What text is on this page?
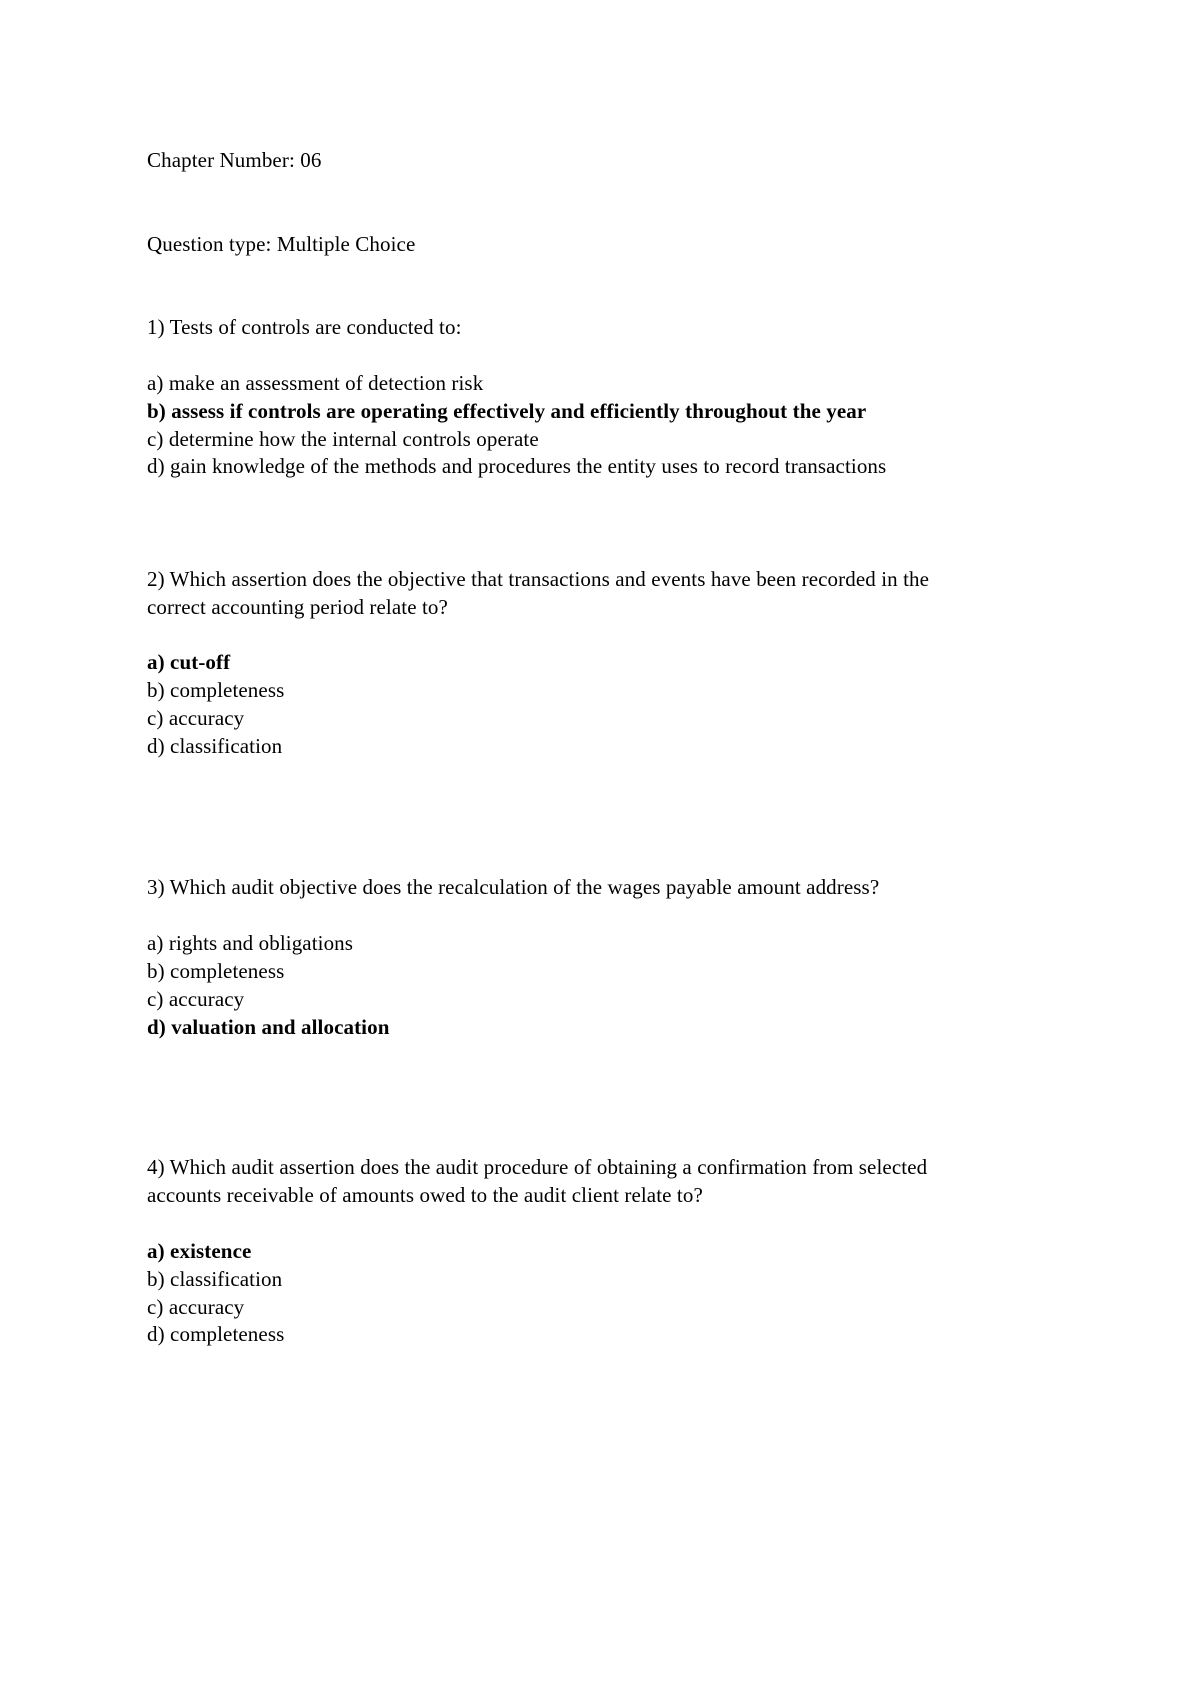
Chapter Number: 06
Question type: Multiple Choice
1) Tests of controls are conducted to:
a) make an assessment of detection risk
b) assess if controls are operating effectively and efficiently throughout the year
c) determine how the internal controls operate
d) gain knowledge of the methods and procedures the entity uses to record transactions
2) Which assertion does the objective that transactions and events have been recorded in the
correct accounting period relate to?
a) cut-off
b) completeness
c) accuracy
d) classification
3) Which audit objective does the recalculation of the wages payable amount address?
a) rights and obligations
b) completeness
c) accuracy
d) valuation and allocation
4) Which audit assertion does the audit procedure of obtaining a confirmation from selected
accounts receivable of amounts owed to the audit client relate to?
a) existence
b) classification
c) accuracy
d) completeness
